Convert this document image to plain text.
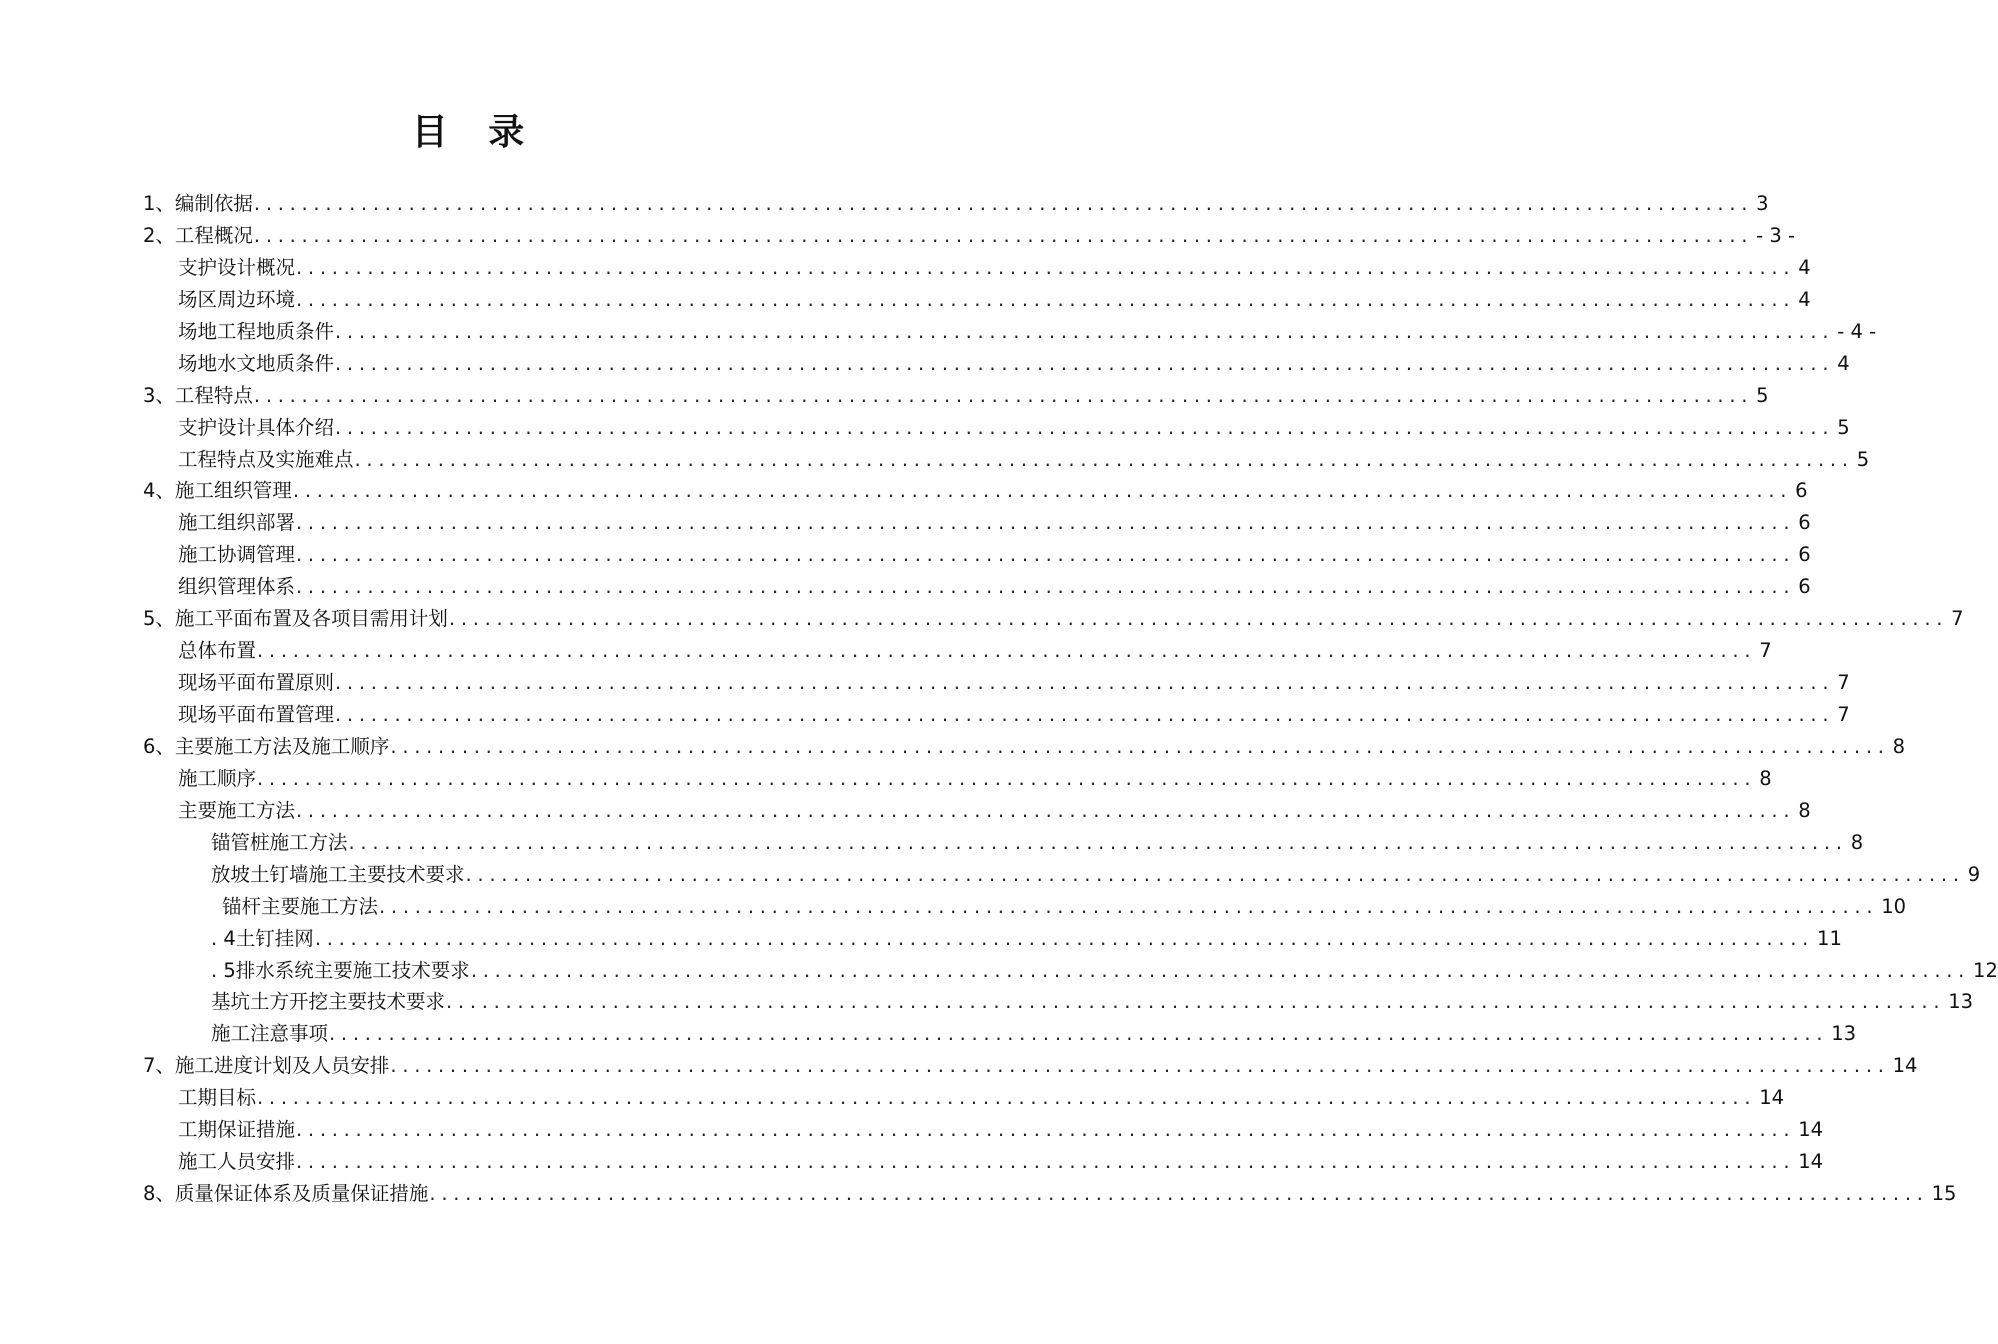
目 录
1、编制依据 .............................................................................................................................. 3
2、工程概况 .............................................................................................................................. - 3 -
支护设计概况 .............................................................................................................................. 4
场区周边环境 .............................................................................................................................. 4
场地工程地质条件 .............................................................................................................................. - 4 -
场地水文地质条件 .............................................................................................................................. 4
3、工程特点 .............................................................................................................................. 5
支护设计具体介绍 .............................................................................................................................. 5
工程特点及实施难点 .............................................................................................................................. 5
4、施工组织管理 .............................................................................................................................. 6
施工组织部署 .............................................................................................................................. 6
施工协调管理 .............................................................................................................................. 6
组织管理体系 .............................................................................................................................. 6
5、施工平面布置及各项目需用计划 .............................................................................................................................. 7
总体布置 .............................................................................................................................. 7
现场平面布置原则 .............................................................................................................................. 7
现场平面布置管理 .............................................................................................................................. 7
6、主要施工方法及施工顺序 .............................................................................................................................. 8
施工顺序 .............................................................................................................................. 8
主要施工方法 .............................................................................................................................. 8
锚管桩施工方法 .............................................................................................................................. 8
放坡土钉墙施工主要技术要求 .............................................................................................................................. 9
锚杆主要施工方法 .............................................................................................................................. 10
. 4土钉挂网 .............................................................................................................................. 11
. 5排水系统主要施工技术要求 .............................................................................................................................. 12
基坑土方开挖主要技术要求 .............................................................................................................................. 13
施工注意事项 .............................................................................................................................. 13
7、施工进度计划及人员安排 .............................................................................................................................. 14
工期目标 .............................................................................................................................. 14
工期保证措施 .............................................................................................................................. 14
施工人员安排 .............................................................................................................................. 14
8、质量保证体系及质量保证措施 .............................................................................................................................. 15
